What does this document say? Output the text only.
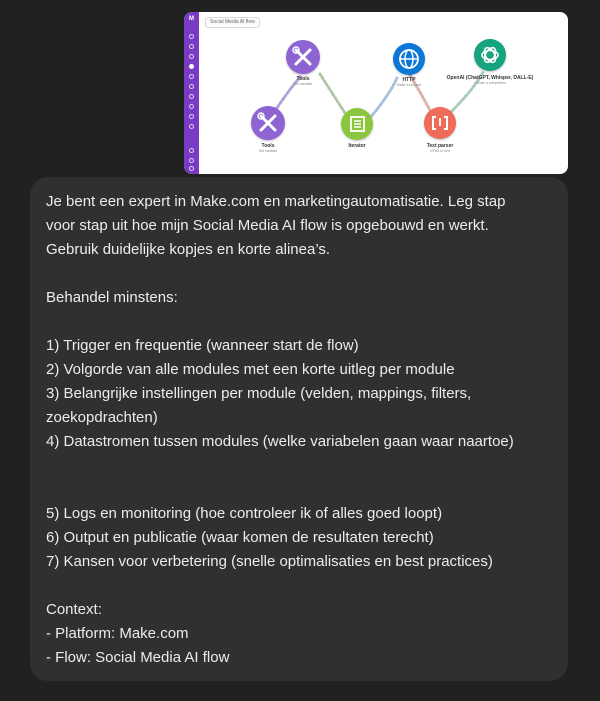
M	Social Media AI flow
Tools
Set variable
Tools
Set variable
HTTP
Make a request
OpenAI (ChatGPT, Whisper, DALL-E)
Create a completion
Iterator	Text parser
HTML to text
Je bent een expert in Make.com en marketingautomatisatie. Leg stap
voor stap uit hoe mijn Social Media AI flow is opgebouwd en werkt.
Gebruik duidelijke kopjes en korte alinea’s.
Behandel minstens:
1) Trigger en frequentie (wanneer start de flow)
2) Volgorde van alle modules met een korte uitleg per module
3) Belangrijke instellingen per module (velden, mappings, filters,
zoekopdrachten)
4) Datastromen tussen modules (welke variabelen gaan waar naartoe)
5) Logs en monitoring (hoe controleer ik of alles goed loopt)
6) Output en publicatie (waar komen de resultaten terecht)
7) Kansen voor verbetering (snelle optimalisaties en best practices)
Context:
- Platform: Make.com
- Flow: Social Media AI flow
